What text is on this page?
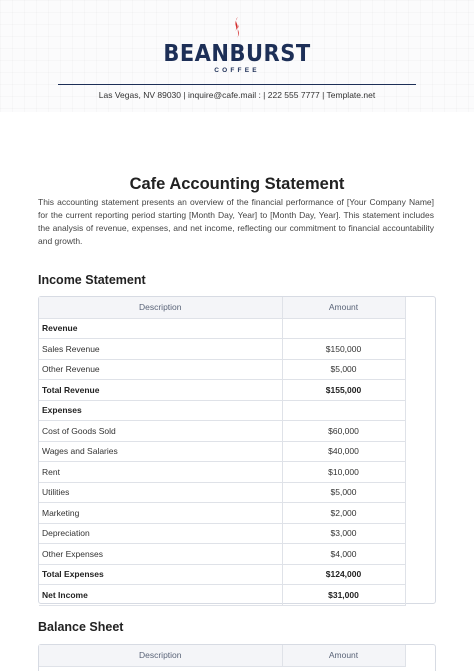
BEANBURST
COFFEE
Las Vegas, NV 89030 | inquire@cafe.mail : | 222 555 7777 | Template.net
Cafe Accounting Statement
This accounting statement presents an overview of the financial performance of [Your Company Name] for the current reporting period starting [Month Day, Year] to [Month Day, Year]. This statement includes the analysis of revenue, expenses, and net income, reflecting our commitment to financial accountability and growth.
Income Statement
Description	Amount
Revenue	
Sales Revenue	$150,000
Other Revenue	$5,000
Total Revenue	$155,000
Expenses	
Cost of Goods Sold	$60,000
Wages and Salaries	$40,000
Rent	$10,000
Utilities	$5,000
Marketing	$2,000
Depreciation	$3,000
Other Expenses	$4,000
Total Expenses	$124,000
Net Income	$31,000
Balance Sheet
Description	Amount
